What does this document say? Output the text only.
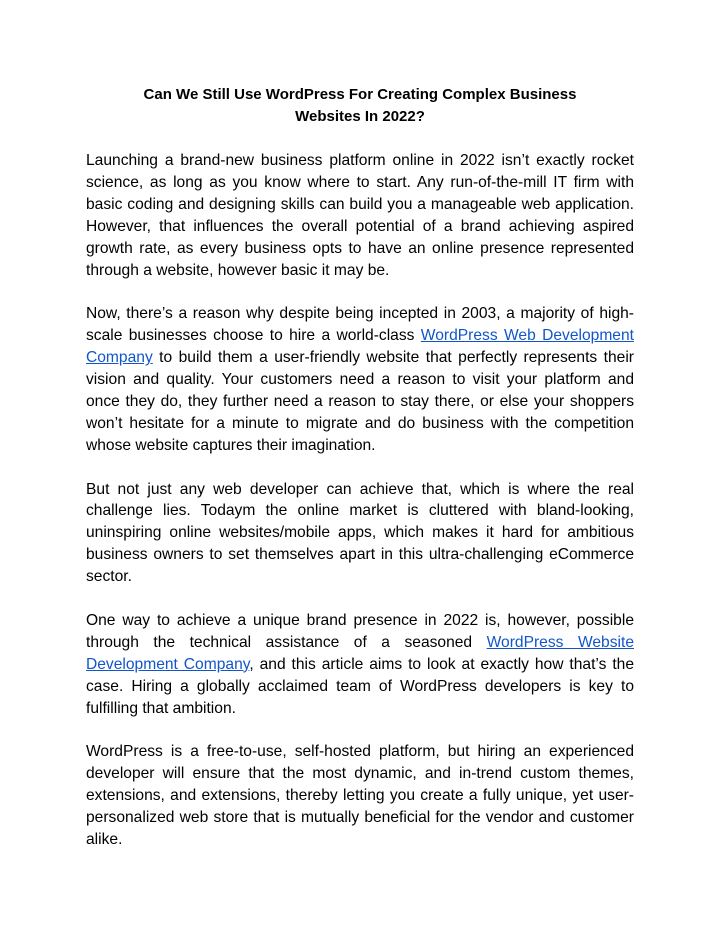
Can We Still Use WordPress For Creating Complex Business Websites In 2022?

Launching a brand-new business platform online in 2022 isn’t exactly rocket science, as long as you know where to start. Any run-of-the-mill IT firm with basic coding and designing skills can build you a manageable web application. However, that influences the overall potential of a brand achieving aspired growth rate, as every business opts to have an online presence represented through a website, however basic it may be.

Now, there’s a reason why despite being incepted in 2003, a majority of high-scale businesses choose to hire a world-class WordPress Web Development Company to build them a user-friendly website that perfectly represents their vision and quality. Your customers need a reason to visit your platform and once they do, they further need a reason to stay there, or else your shoppers won’t hesitate for a minute to migrate and do business with the competition whose website captures their imagination.

But not just any web developer can achieve that, which is where the real challenge lies. Todaym the online market is cluttered with bland-looking, uninspiring online websites/mobile apps, which makes it hard for ambitious business owners to set themselves apart in this ultra-challenging eCommerce sector.

One way to achieve a unique brand presence in 2022 is, however, possible through the technical assistance of a seasoned WordPress Website Development Company, and this article aims to look at exactly how that’s the case. Hiring a globally acclaimed team of WordPress developers is key to fulfilling that ambition.

WordPress is a free-to-use, self-hosted platform, but hiring an experienced developer will ensure that the most dynamic, and in-trend custom themes, extensions, and extensions, thereby letting you create a fully unique, yet user-personalized web store that is mutually beneficial for the vendor and customer alike.
